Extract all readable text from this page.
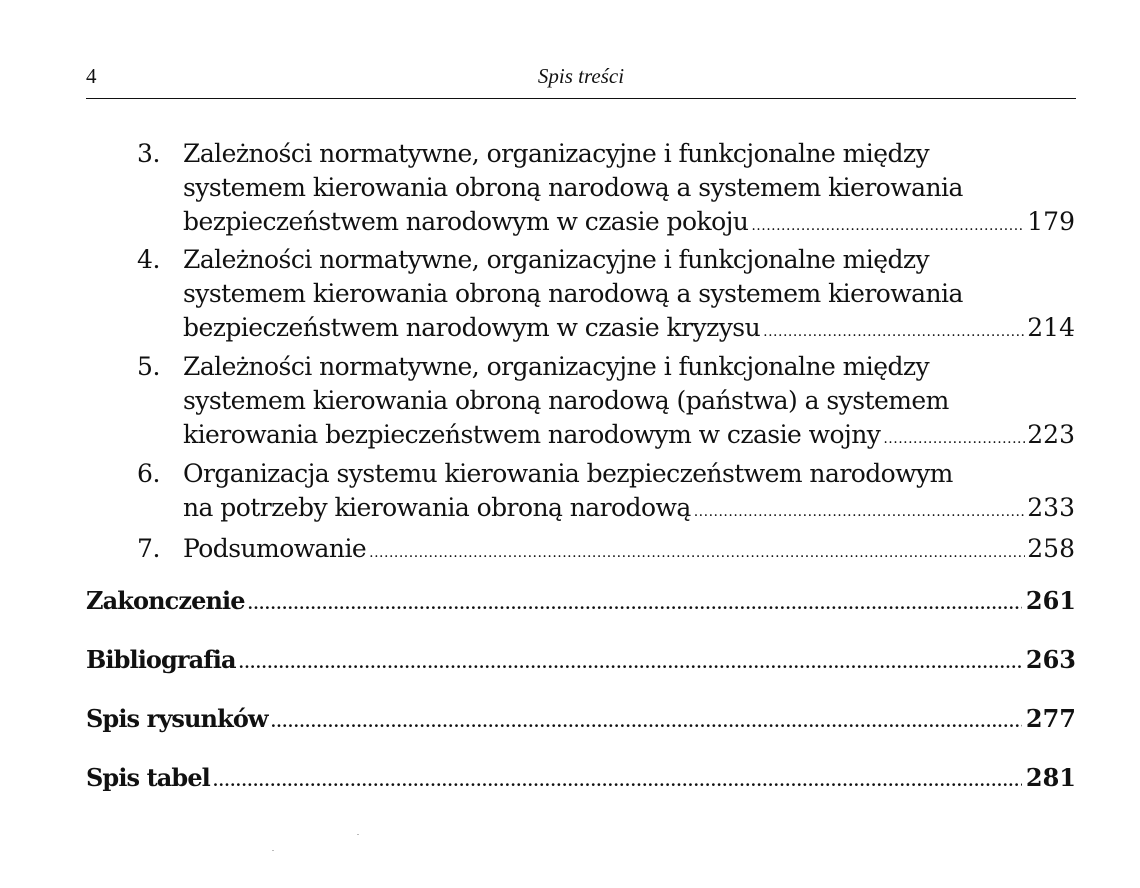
4	Spis treści
3. Zależności normatywne, organizacyjne i funkcjonalne między
systemem kierowania obroną narodową a systemem kierowania
bezpieczeństwem narodowym w czasie pokoju .....	179
4. Zależności normatywne, organizacyjne i funkcjonalne między
systemem kierowania obroną narodową a systemem kierowania
bezpieczeństwem narodowym w czasie kryzysu .....	214
5. Zależności normatywne, organizacyjne i funkcjonalne między
systemem kierowania obroną narodową (państwa) a systemem
kierowania bezpieczeństwem narodowym w czasie wojny .....	223
6. Organizacja systemu kierowania bezpieczeństwem narodowym
na potrzeby kierowania obroną narodową .....	233
7. Podsumowanie .....	258
Zakonczenie .....	261
Bibliografia .....	263
Spis rysunków .....	277
Spis tabel .....	281
